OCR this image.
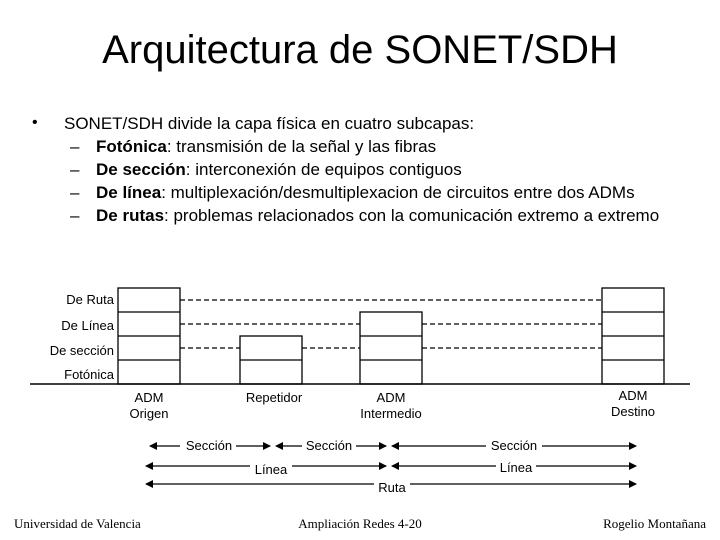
Arquitectura de SONET/SDH
• SONET/SDH divide la capa física en cuatro subcapas:
– Fotónica: transmisión de la señal y las fibras
– De sección: interconexión de equipos contiguos
– De línea: multiplexación/desmultiplexacion de circuitos entre dos ADMs
– De rutas: problemas relacionados con la comunicación extremo a extremo
De Ruta
De Línea
De sección
Fotónica
ADM
Origen
Repetidor	ADM
Intermedio
ADM
Destino
Sección	Sección	Sección
Línea	Línea
Ruta
Universidad de Valencia	Ampliación Redes 4-20	Rogelio Montañana
